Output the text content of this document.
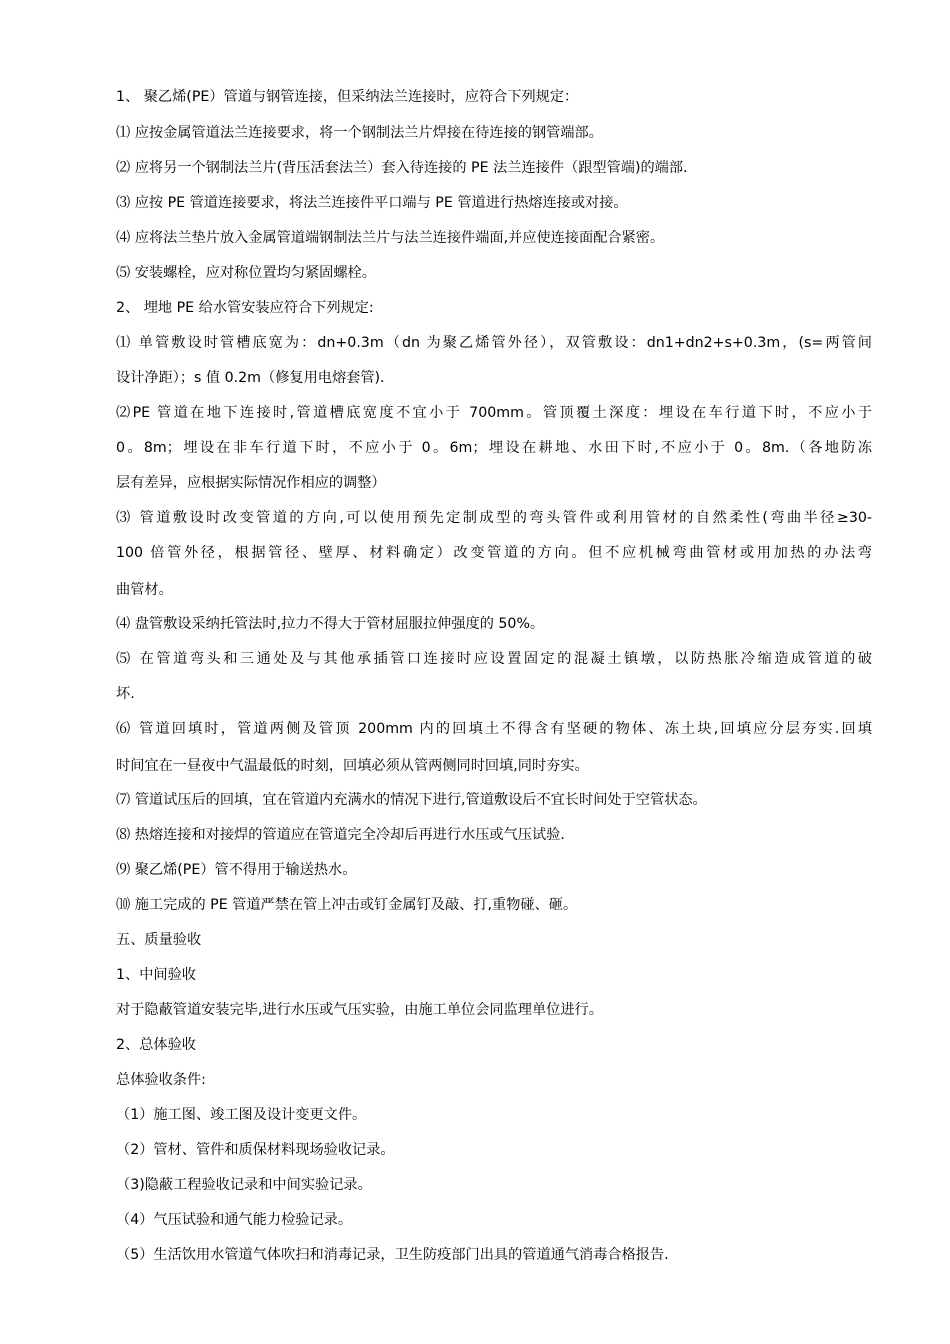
1、 聚乙烯(PE）管道与钢管连接，但采纳法兰连接时，应符合下列规定：
⑴ 应按金属管道法兰连接要求，将一个钢制法兰片焊接在待连接的钢管端部。
⑵ 应将另一个钢制法兰片(背压活套法兰）套入待连接的 PE 法兰连接件（跟型管端)的端部.
⑶ 应按 PE 管道连接要求，将法兰连接件平口端与 PE 管道进行热熔连接或对接。
⑷ 应将法兰垫片放入金属管道端钢制法兰片与法兰连接件端面,并应使连接面配合紧密。
⑸ 安装螺栓，应对称位置均匀紧固螺栓。
2、 埋地 PE 给水管安装应符合下列规定:
⑴ 单管敷设时管槽底宽为：dn+0.3m（dn 为聚乙烯管外径），双管敷设：dn1+dn2+s+0.3m，(s=两管间
设计净距）；s 值 0.2m（修复用电熔套管).
⑵PE 管道在地下连接时,管道槽底宽度不宜小于 700mm。管顶覆土深度：埋设在车行道下时，不应小于
0。8m；埋设在非车行道下时，不应小于 0。6m；埋设在耕地、水田下时,不应小于 0。8m.（各地防冻
层有差异，应根据实际情况作相应的调整）
⑶ 管道敷设时改变管道的方向,可以使用预先定制成型的弯头管件或利用管材的自然柔性(弯曲半径≥30-
100 倍管外径，根据管径、壁厚、材料确定）改变管道的方向。但不应机械弯曲管材或用加热的办法弯
曲管材。
⑷ 盘管敷设采纳托管法时,拉力不得大于管材屈服拉伸强度的 50%。
⑸ 在管道弯头和三通处及与其他承插管口连接时应设置固定的混凝土镇墩，以防热胀冷缩造成管道的破
坏.
⑹ 管道回填时，管道两侧及管顶 200mm 内的回填土不得含有坚硬的物体、冻土块,回填应分层夯实.回填
时间宜在一昼夜中气温最低的时刻，回填必须从管两侧同时回填,同时夯实。
⑺ 管道试压后的回填，宜在管道内充满水的情况下进行,管道敷设后不宜长时间处于空管状态。
⑻ 热熔连接和对接焊的管道应在管道完全冷却后再进行水压或气压试验.
⑼ 聚乙烯(PE）管不得用于输送热水。
⑽ 施工完成的 PE 管道严禁在管上冲击或钉金属钉及敲、打,重物碰、砸。
五、质量验收
1、中间验收
对于隐蔽管道安装完毕,进行水压或气压实验，由施工单位会同监理单位进行。
2、总体验收
总体验收条件:
（1）施工图、竣工图及设计变更文件。
（2）管材、管件和质保材料现场验收记录。
（3)隐蔽工程验收记录和中间实验记录。
（4）气压试验和通气能力检验记录。
（5）生活饮用水管道气体吹扫和消毒记录，卫生防疫部门出具的管道通气消毒合格报告.
